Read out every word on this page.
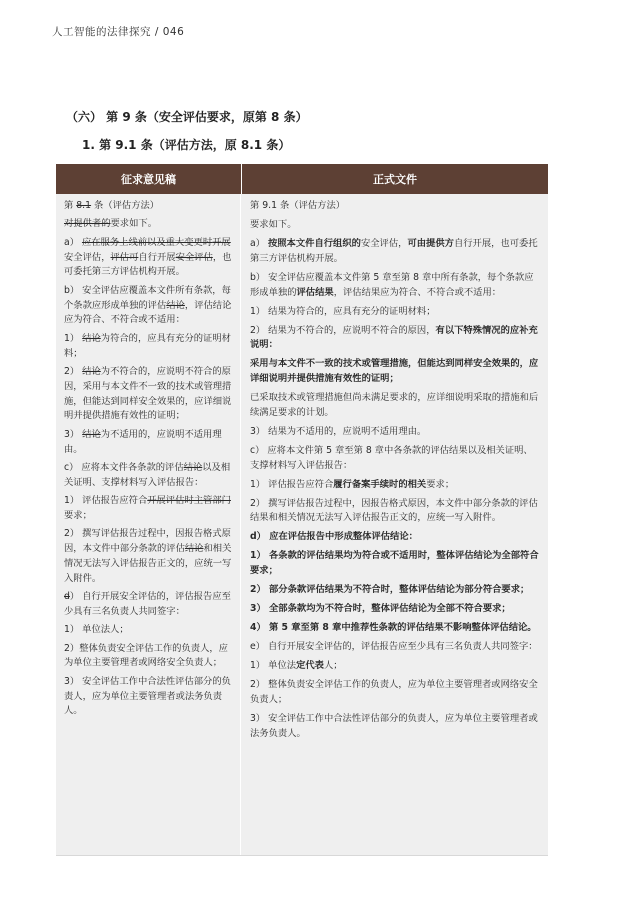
人工智能的法律探究 / 046
（六） 第 9 条（安全评估要求，原第 8 条）
1. 第 9.1 条（评估方法，原 8.1 条）
征求意见稿	正式文件

第 8.1 条（评估方法）

对提供者的要求如下。

a） 应在服务上线前以及重大变更时开展安全评估，评估可自行开展安全评估，也可委托第三方评估机构开展。

b） 安全评估应覆盖本文件所有条款，每个条款应形成单独的评估结论，评估结论应为符合、不符合或不适用：

1） 结论为符合的，应具有充分的证明材料；

2） 结论为不符合的，应说明不符合的原因，采用与本文件不一致的技术或管理措施，但能达到同样安全效果的，应详细说明并提供措施有效性的证明；

3） 结论为不适用的，应说明不适用理由。

c） 应将本文件各条款的评估结论以及相关证明、支撑材料写入评估报告：

1） 评估报告应符合开展评估时主管部门要求；

2） 撰写评估报告过程中，因报告格式原因，本文件中部分条款的评估结论和相关情况无法写入评估报告正文的，应统一写入附件。

d） 自行开展安全评估的，评估报告应至少具有三名负责人共同签字：

1） 单位法人；

2）整体负责安全评估工作的负责人，应为单位主要管理者或网络安全负责人；

3） 安全评估工作中合法性评估部分的负责人，应为单位主要管理者或法务负责人。

第 9.1 条（评估方法）

要求如下。

a） 按照本文件自行组织的安全评估，可由提供方自行开展，也可委托第三方评估机构开展。

b） 安全评估应覆盖本文件第 5 章至第 8 章中所有条款，每个条款应形成单独的评估结果，评估结果应为符合、不符合或不适用：

1） 结果为符合的，应具有充分的证明材料；

2） 结果为不符合的，应说明不符合的原因，有以下特殊情况的应补充说明：

采用与本文件不一致的技术或管理措施，但能达到同样安全效果的，应详细说明并提供措施有效性的证明；

已采取技术或管理措施但尚未满足要求的，应详细说明采取的措施和后续满足要求的计划。

3） 结果为不适用的，应说明不适用理由。

c） 应将本文件第 5 章至第 8 章中各条款的评估结果以及相关证明、支撑材料写入评估报告：

1） 评估报告应符合履行备案手续时的相关要求；

2） 撰写评估报告过程中，因报告格式原因，本文件中部分条款的评估结果和相关情况无法写入评估报告正文的，应统一写入附件。

d） 应在评估报告中形成整体评估结论：

1） 各条款的评估结果均为符合或不适用时，整体评估结论为全部符合要求；

2） 部分条款评估结果为不符合时，整体评估结论为部分符合要求；

3） 全部条款均为不符合时，整体评估结论为全部不符合要求；

4） 第 5 章至第 8 章中推荐性条款的评估结果不影响整体评估结论。

e） 自行开展安全评估的，评估报告应至少具有三名负责人共同签字：

1） 单位法定代表人；

2） 整体负责安全评估工作的负责人，应为单位主要管理者或网络安全负责人；

3） 安全评估工作中合法性评估部分的负责人，应为单位主要管理者或法务负责人。
